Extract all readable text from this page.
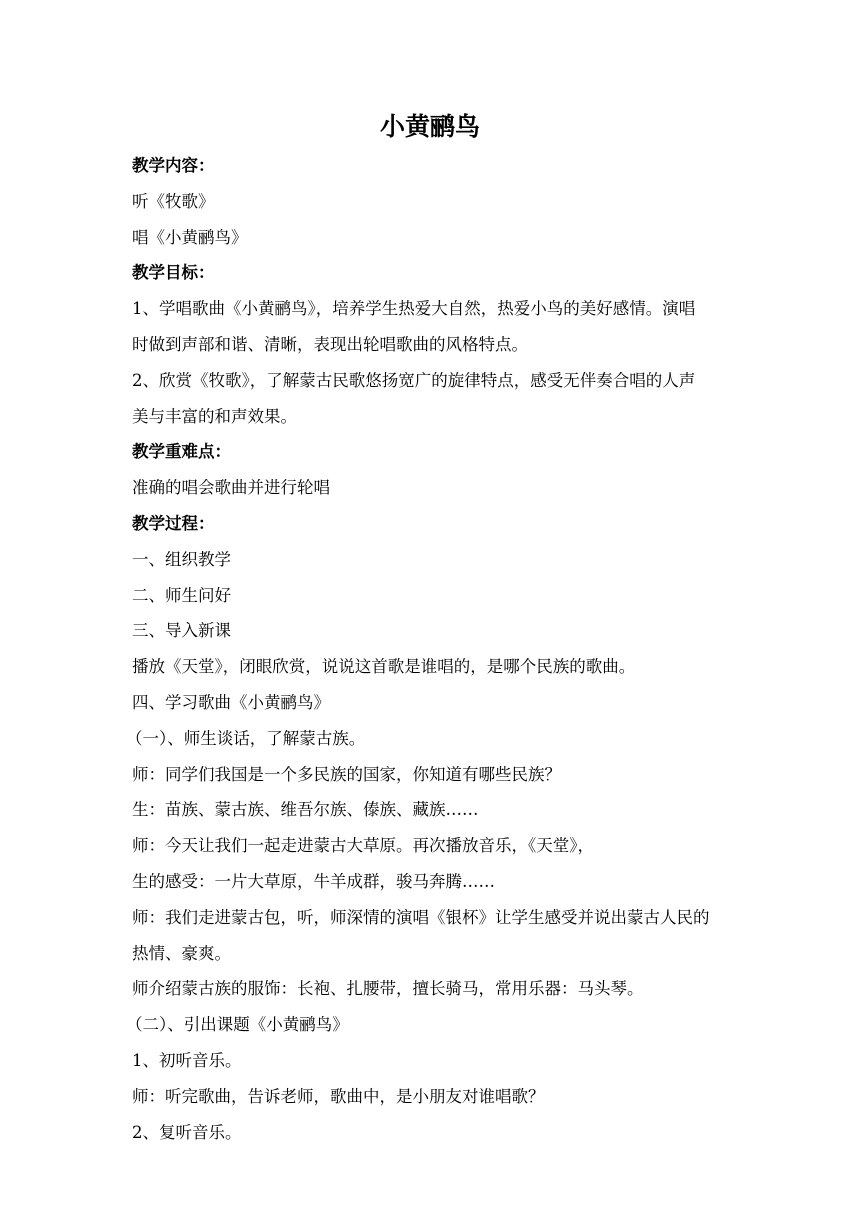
小黄鹂鸟
教学内容：
听《牧歌》
唱《小黄鹂鸟》
教学目标：
1、学唱歌曲《小黄鹂鸟》，培养学生热爱大自然，热爱小鸟的美好感情。演唱
时做到声部和谐、清晰，表现出轮唱歌曲的风格特点。
2、欣赏《牧歌》，了解蒙古民歌悠扬宽广的旋律特点，感受无伴奏合唱的人声
美与丰富的和声效果。
教学重难点：
准确的唱会歌曲并进行轮唱
教学过程：
一、组织教学
二、师生问好
三、导入新课
播放《天堂》，闭眼欣赏，说说这首歌是谁唱的，是哪个民族的歌曲。
四、学习歌曲《小黄鹂鸟》
（一）、师生谈话，了解蒙古族。
师：同学们我国是一个多民族的国家，你知道有哪些民族？
生：苗族、蒙古族、维吾尔族、傣族、藏族……
师：今天让我们一起走进蒙古大草原。再次播放音乐，《天堂》，
生的感受：一片大草原，牛羊成群，骏马奔腾……
师：我们走进蒙古包，听，师深情的演唱《银杯》让学生感受并说出蒙古人民的
热情、豪爽。
师介绍蒙古族的服饰：长袍、扎腰带，擅长骑马，常用乐器：马头琴。
（二）、引出课题《小黄鹂鸟》
1、初听音乐。
师：听完歌曲，告诉老师，歌曲中，是小朋友对谁唱歌？
2、复听音乐。
